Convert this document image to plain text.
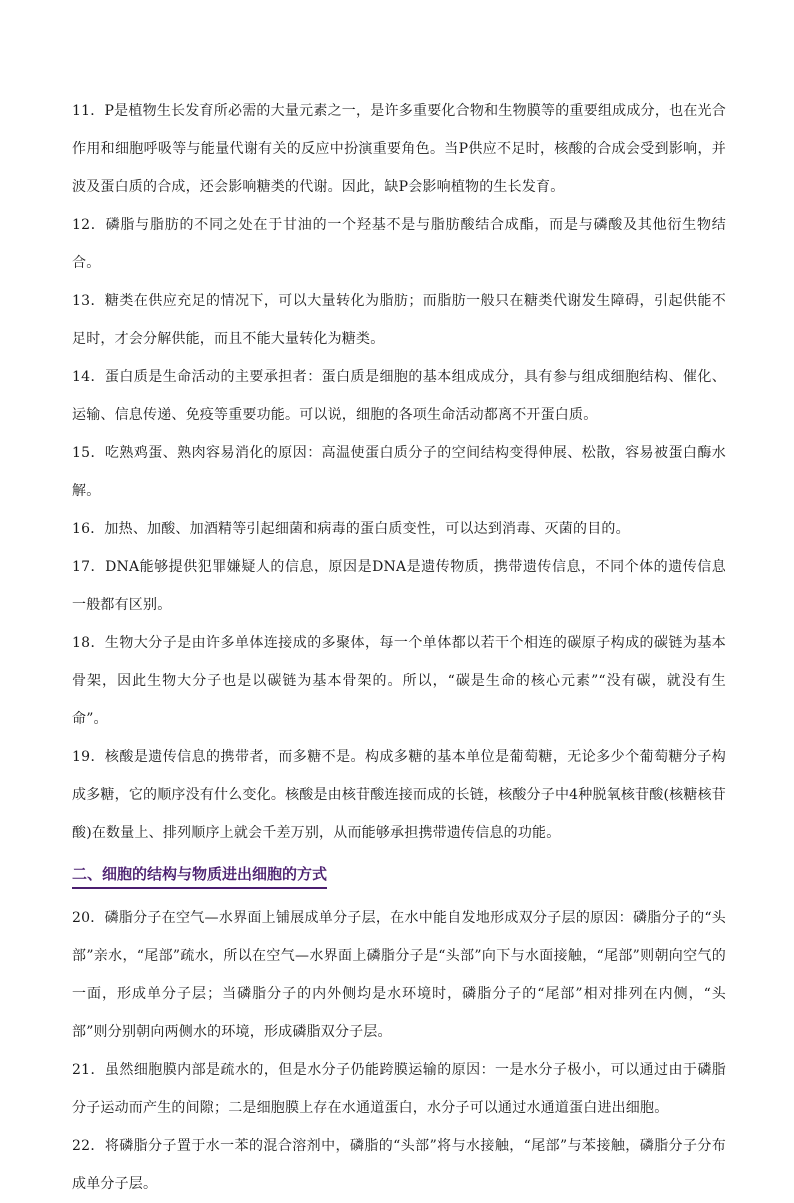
11．P是植物生长发育所必需的大量元素之一，是许多重要化合物和生物膜等的重要组成成分，也在光合作用和细胞呼吸等与能量代谢有关的反应中扮演重要角色。当P供应不足时，核酸的合成会受到影响，并波及蛋白质的合成，还会影响糖类的代谢。因此，缺P会影响植物的生长发育。

12．磷脂与脂肪的不同之处在于甘油的一个羟基不是与脂肪酸结合成酯，而是与磷酸及其他衍生物结合。

13．糖类在供应充足的情况下，可以大量转化为脂肪；而脂肪一般只在糖类代谢发生障碍，引起供能不足时，才会分解供能，而且不能大量转化为糖类。

14．蛋白质是生命活动的主要承担者：蛋白质是细胞的基本组成成分，具有参与组成细胞结构、催化、运输、信息传递、免疫等重要功能。可以说，细胞的各项生命活动都离不开蛋白质。

15．吃熟鸡蛋、熟肉容易消化的原因：高温使蛋白质分子的空间结构变得伸展、松散，容易被蛋白酶水解。

16．加热、加酸、加酒精等引起细菌和病毒的蛋白质变性，可以达到消毒、灭菌的目的。

17．DNA能够提供犯罪嫌疑人的信息，原因是DNA是遗传物质，携带遗传信息，不同个体的遗传信息一般都有区别。

18．生物大分子是由许多单体连接成的多聚体，每一个单体都以若干个相连的碳原子构成的碳链为基本骨架，因此生物大分子也是以碳链为基本骨架的。所以，“碳是生命的核心元素”“没有碳，就没有生命”。

19．核酸是遗传信息的携带者，而多糖不是。构成多糖的基本单位是葡萄糖，无论多少个葡萄糖分子构成多糖，它的顺序没有什么变化。核酸是由核苷酸连接而成的长链，核酸分子中4种脱氧核苷酸(核糖核苷酸)在数量上、排列顺序上就会千差万别，从而能够承担携带遗传信息的功能。

二、细胞的结构与物质进出细胞的方式

20．磷脂分子在空气—水界面上铺展成单分子层，在水中能自发地形成双分子层的原因：磷脂分子的“头部”亲水，“尾部”疏水，所以在空气—水界面上磷脂分子是“头部”向下与水面接触，“尾部”则朝向空气的一面，形成单分子层；当磷脂分子的内外侧均是水环境时，磷脂分子的“尾部”相对排列在内侧，“头部”则分别朝向两侧水的环境，形成磷脂双分子层。

21．虽然细胞膜内部是疏水的，但是水分子仍能跨膜运输的原因：一是水分子极小，可以通过由于磷脂分子运动而产生的间隙；二是细胞膜上存在水通道蛋白，水分子可以通过水通道蛋白进出细胞。

22．将磷脂分子置于水一苯的混合溶剂中，磷脂的“头部”将与水接触，“尾部”与苯接触，磷脂分子分布成单分子层。
